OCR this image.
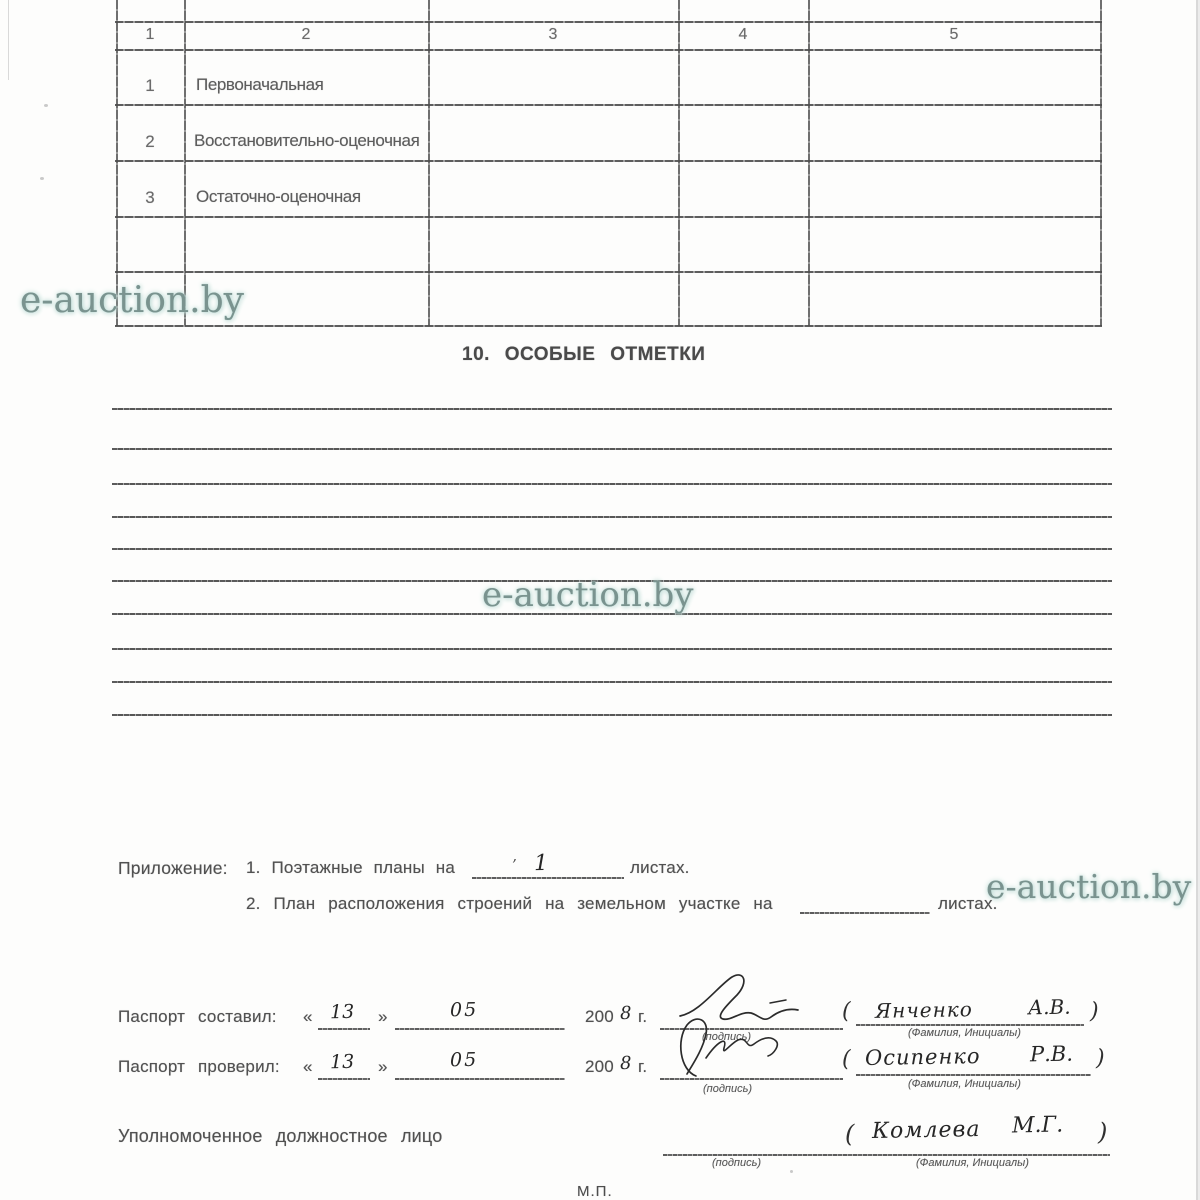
1	2	3	4	5
1	Первоначальная
2	Восстановительно-оценочная
3	Остаточно-оценочная
10. ОСОБЫЕ ОТМЕТКИ
e-auction.by
e-auction.by
e-auction.by
Приложение: 1. Поэтажные планы на	’ 1	листах.
2. План расположения строений на земельном участке на	листах.
Паспорт составил: « 13 »	05	200 8 г.
(подпись)
( Янченко	А.В. )
(Фамилия, Инициалы)
Паспорт проверил: « 13 »	05	200 8 г.
(подпись)
( Осипенко Р.В. )
(Фамилия, Инициалы)
Уполномоченное должностное лицо	( Комлева М.Г. )
(подпись)	(Фамилия, Инициалы)
М.П.
